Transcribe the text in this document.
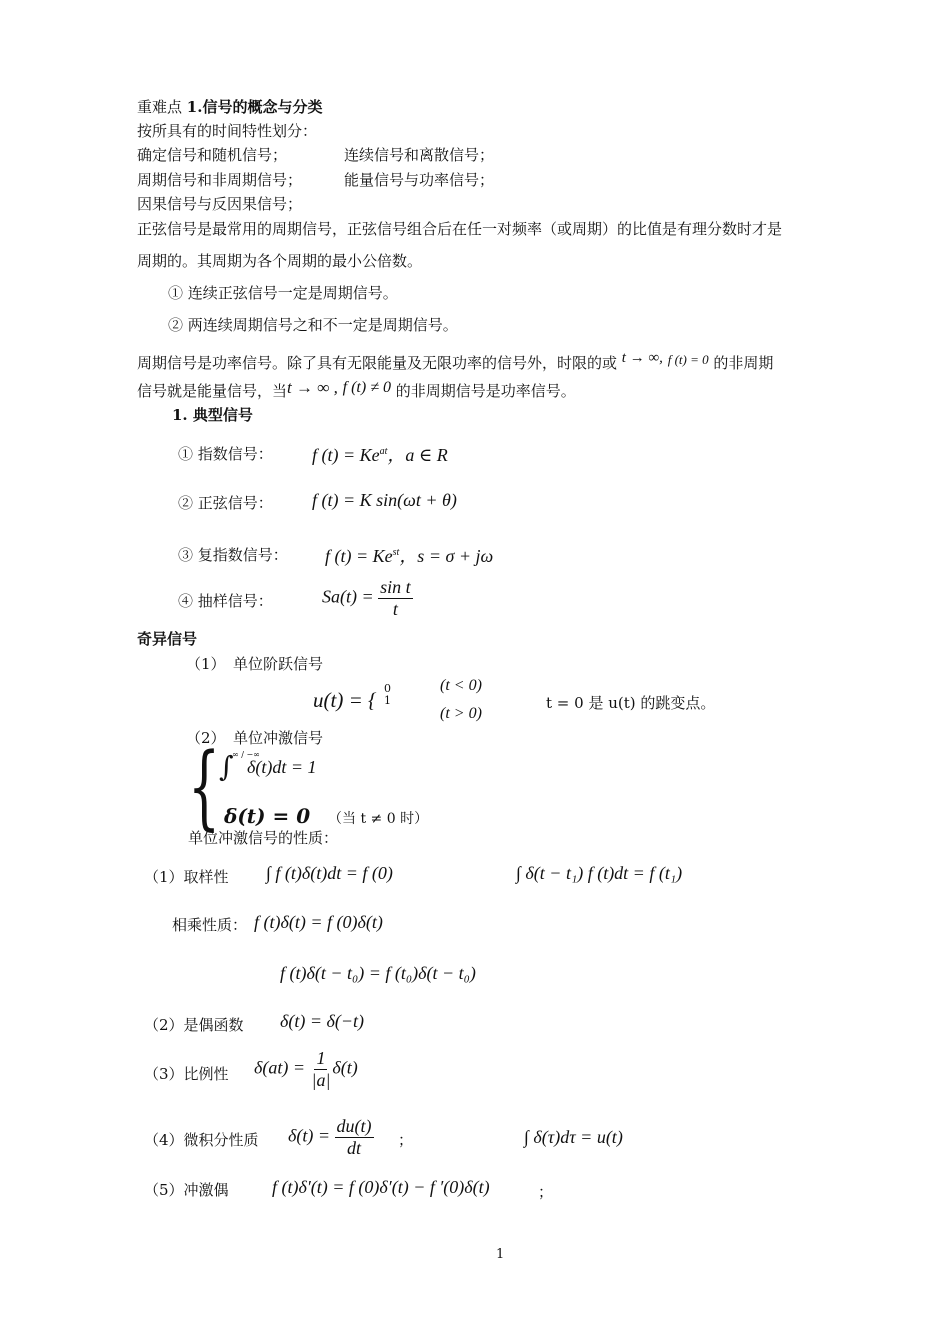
重难点 1.信号的概念与分类
按所具有的时间特性划分：
确定信号和随机信号；	连续信号和离散信号；
周期信号和非周期信号；	能量信号与功率信号；
因果信号与反因果信号；
正弦信号是最常用的周期信号，正弦信号组合后在任一对频率（或周期）的比值是有理分数时才是
周期的。其周期为各个周期的最小公倍数。
① 连续正弦信号一定是周期信号。
② 两连续周期信号之和不一定是周期信号。
周期信号是功率信号。除了具有无限能量及无限功率的信号外，时限的或 t → ∞, f (t) = 0 的非周期
信号就是能量信号，当t → ∞ , f (t) ≠ 0 的非周期信号是功率信号。
1. 典型信号
① 指数信号： f $(t) = Ke^{at}$，a ∈ R
② 正弦信号： f (t) = K sin(ωt + θ)
③ 复指数信号： f $(t) = Ke^{st}$，s = σ + jω
④ 抽样信号：	$Sa(t) = \frac{\text{sin t}}{t}$
奇异信号
（1）　单位阶跃信号
u(t) = { 0
1
(t < 0)
(t > 0)
t = 0 是 u(t) 的跳变点。
（2）　单位冲激信号
{
∫
∞ / −∞
δ(t)dt = 1
δ(t) = 0 （当 t ≠ 0 时）
单位冲激信号的性质：
（1）取样性 ∫ f (t)δ(t)dt = f (0)	∫ δ(t − t₁) f (t)dt = f (t₁)
相乘性质： f (t)δ(t) = f (0)δ(t)
f (t)δ(t − t₀) = f (t₀)δ(t − t₀)
（2）是偶函数 δ(t) = δ(−t)
（3）比例性 $\delta(at) = \frac{1}{|a|} \delta(t)$
（4）微积分性质 $\delta(t) = \frac{du(t)}{dt}$ ；	∫ δ(τ)dτ = u(t)
（5）冲激偶 f (t)δ′(t) = f (0)δ′(t) − f ′(0)δ(t)	；
1
